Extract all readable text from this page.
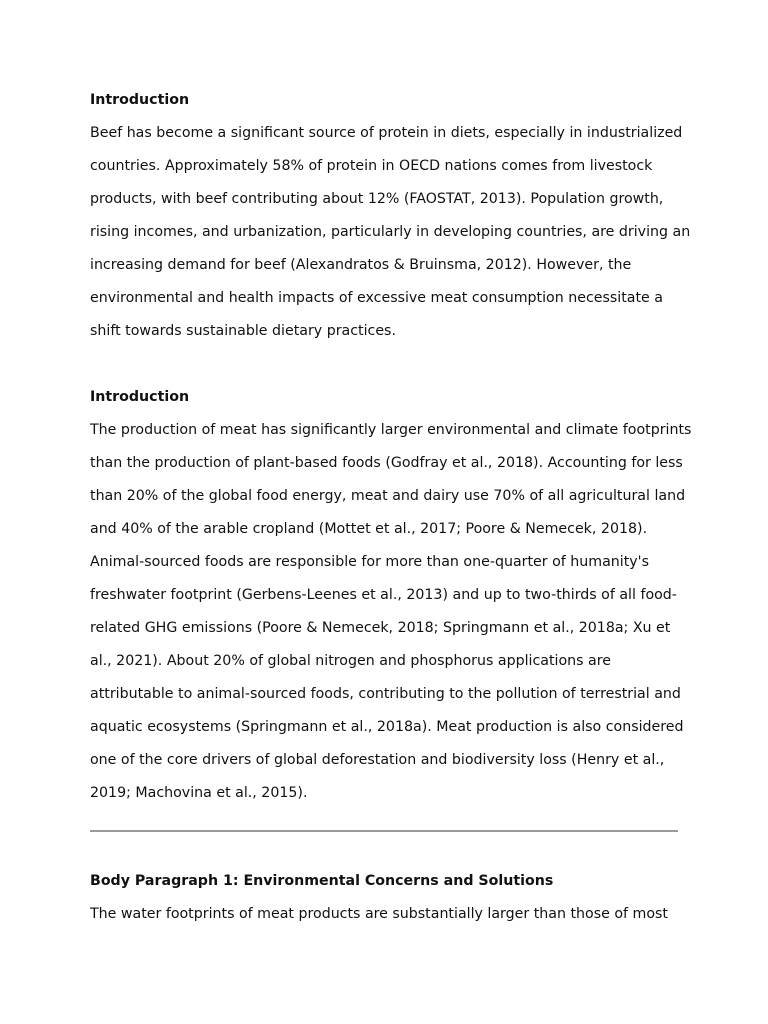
Introduction
Beef has become a significant source of protein in diets, especially in industrialized
countries. Approximately 58% of protein in OECD nations comes from livestock
products, with beef contributing about 12% (FAOSTAT, 2013). Population growth,
rising incomes, and urbanization, particularly in developing countries, are driving an
increasing demand for beef (Alexandratos & Bruinsma, 2012). However, the
environmental and health impacts of excessive meat consumption necessitate a
shift towards sustainable dietary practices.
Introduction
The production of meat has significantly larger environmental and climate footprints
than the production of plant-based foods (Godfray et al., 2018). Accounting for less
than 20% of the global food energy, meat and dairy use 70% of all agricultural land
and 40% of the arable cropland (Mottet et al., 2017; Poore & Nemecek, 2018).
Animal-sourced foods are responsible for more than one-quarter of humanity's
freshwater footprint (Gerbens-Leenes et al., 2013) and up to two-thirds of all food-
related GHG emissions (Poore & Nemecek, 2018; Springmann et al., 2018a; Xu et
al., 2021). About 20% of global nitrogen and phosphorus applications are
attributable to animal-sourced foods, contributing to the pollution of terrestrial and
aquatic ecosystems (Springmann et al., 2018a). Meat production is also considered
one of the core drivers of global deforestation and biodiversity loss (Henry et al.,
2019; Machovina et al., 2015).
Body Paragraph 1: Environmental Concerns and Solutions
The water footprints of meat products are substantially larger than those of most
